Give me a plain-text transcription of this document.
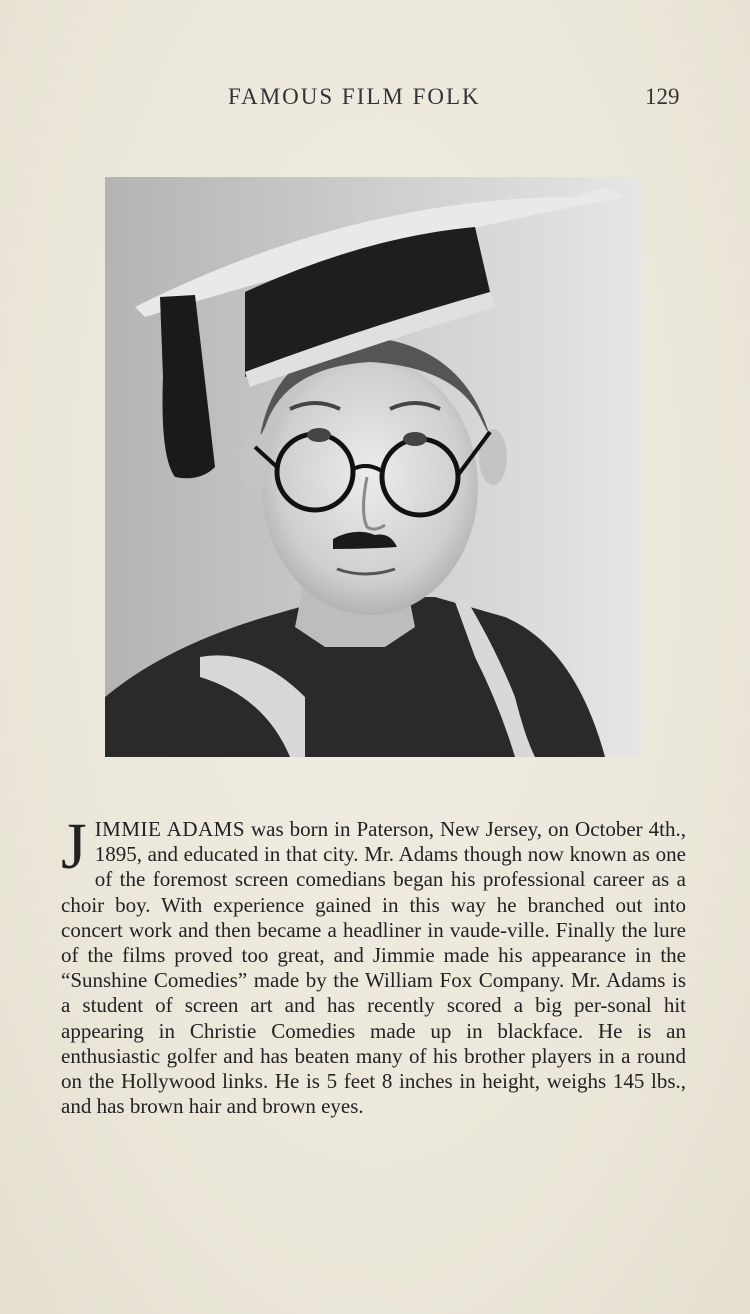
FAMOUS FILM FOLK	129
JIMMIE ADAMS was born in Paterson, New Jersey, on October 4th., 1895, and educated in that city. Mr. Adams though now known as one of the foremost screen comedians began his professional career as a choir boy. With experience gained in this way he branched out into concert work and then became a headliner in vaude-ville. Finally the lure of the films proved too great, and Jimmie made his appearance in the “Sunshine Comedies” made by the William Fox Company. Mr. Adams is a student of screen art and has recently scored a big per-sonal hit appearing in Christie Comedies made up in blackface. He is an enthusiastic golfer and has beaten many of his brother players in a round on the Hollywood links. He is 5 feet 8 inches in height, weighs 145 lbs., and has brown hair and brown eyes.
